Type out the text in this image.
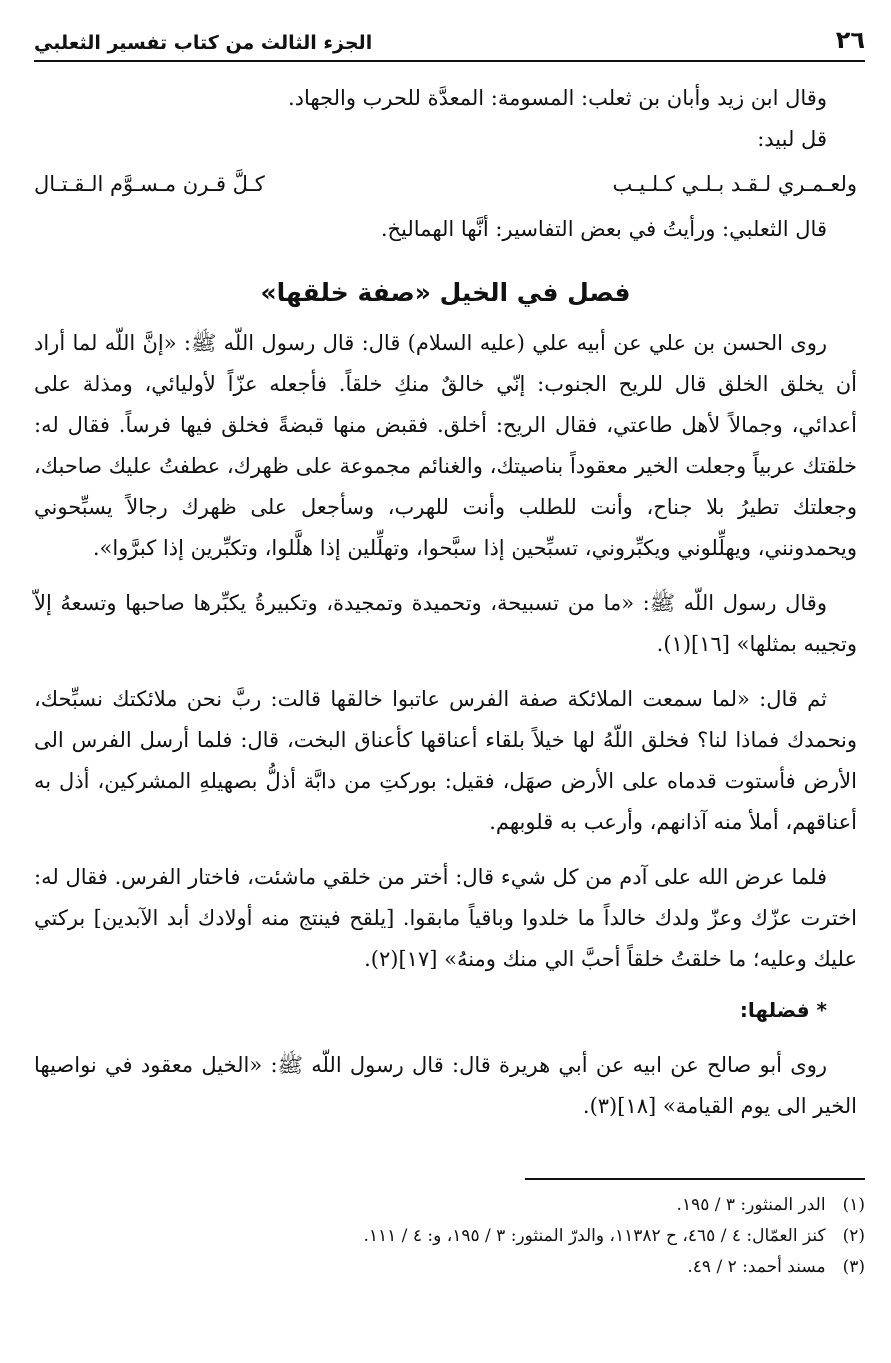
٢٦
الجزء الثالث من كتاب تفسير الثعلبي

وقال ابن زيد وأبان بن ثعلب: المسومة: المعدَّة للحرب والجهاد.

قل لبيد:

ولعـمـري لـقـد بـلـي كـلـيـب
كـلَّ قـرن مـسـوَّم الـقـتـال

قال الثعلبي: ورأيتُ في بعض التفاسير: أنَّها الهماليخ.

فصل في الخيل «صفة خلقها»

روى الحسن بن علي عن أبيه علي (عليه السلام) قال: قال رسول اللّه ﷺ: «إنَّ اللّه لما أراد أن يخلق الخلق قال للريح الجنوب: إنّي خالقٌ منكِ خلقاً. فأجعله عزّاً لأوليائي، ومذلة على أعدائي، وجمالاً لأهل طاعتي، فقال الريح: أخلق. فقبض منها قبضةً فخلق فيها فرساً. فقال له: خلقتك عربياً وجعلت الخير معقوداً بناصيتك، والغنائم مجموعة على ظهرك، عطفتُ عليك صاحبك، وجعلتك تطيرُ بلا جناح، وأنت للطلب وأنت للهرب، وسأجعل على ظهرك رجالاً يسبِّحوني ويحمدونني، ويهلِّلوني ويكبِّروني، تسبِّحين إذا سبَّحوا، وتهلِّلين إذا هلَّلوا، وتكبِّرين إذا كبرَّوا».

وقال رسول اللّه ﷺ: «ما من تسبيحة، وتحميدة وتمجيدة، وتكبيرةُ يكبِّرها صاحبها وتسعهُ إلاّ وتجيبه بمثلها» [١٦](١).

ثم قال: «لما سمعت الملائكة صفة الفرس عاتبوا خالقها قالت: ربَّ نحن ملائكتك نسبِّحك، ونحمدك فماذا لنا؟ فخلق اللّهُ لها خيلاً بلقاء أعناقها كأعناق البخت، قال: فلما أرسل الفرس الى الأرض فأستوت قدماه على الأرض صهَل، فقيل: بوركتِ من دابَّة أذلُّ بصهيلهِ المشركين، أذل به أعناقهم، أملأ منه آذانهم، وأرعب به قلوبهم.

فلما عرض الله على آدم من كل شيء قال: أختر من خلقي ماشئت، فاختار الفرس. فقال له: اخترت عزّك وعزّ ولدك خالداً ما خلدوا وباقياً مابقوا. [يلقح فينتج منه أولادك أبد الآبدين] بركتي عليك وعليه؛ ما خلقتُ خلقاً أحبَّ الي منك ومنهُ» [١٧](٢).

* فضلها:

روى أبو صالح عن ابيه عن أبي هريرة قال: قال رسول اللّه ﷺ: «الخيل معقود في نواصيها الخير الى يوم القيامة» [١٨](٣).

(١) الدر المنثور: ٣ / ١٩٥.

(٢) كنز العمّال: ٤ / ٤٦٥، ح ١١٣٨٢، والدرّ المنثور: ٣ / ١٩٥، و: ٤ / ١١١.

(٣) مسند أحمد: ٢ / ٤٩.
